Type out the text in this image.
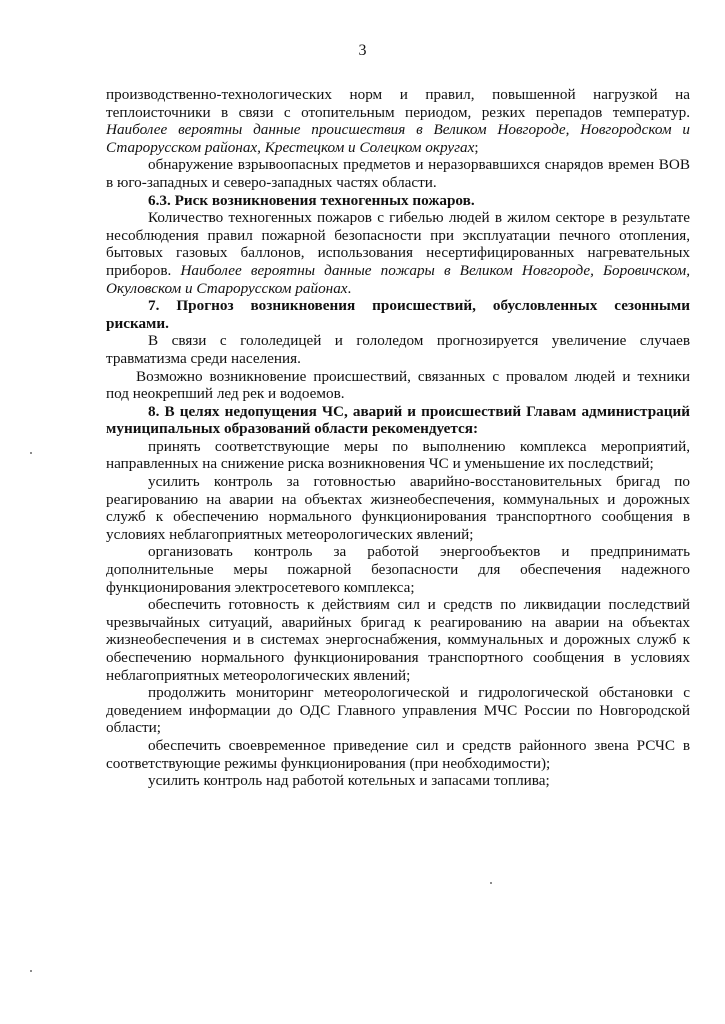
3

производственно-технологических норм и правил, повышенной нагрузкой на теплоисточники в связи с отопительным периодом, резких перепадов температур. Наиболее вероятны данные происшествия в Великом Новгороде, Новгородском и Старорусском районах, Крестецком и Солецком округах;

обнаружение взрывоопасных предметов и неразорвавшихся снарядов времен ВОВ в юго-западных и северо-западных частях области.

6.3. Риск возникновения техногенных пожаров.

Количество техногенных пожаров с гибелью людей в жилом секторе в результате несоблюдения правил пожарной безопасности при эксплуатации печного отопления, бытовых газовых баллонов, использования несертифицированных нагревательных приборов. Наиболее вероятны данные пожары в Великом Новгороде, Боровичском, Окуловском и Старорусском районах.

7. Прогноз возникновения происшествий, обусловленных сезонными рисками.

В связи с гололедицей и гололедом прогнозируется увеличение случаев травматизма среди населения.

Возможно возникновение происшествий, связанных с провалом людей и техники под неокрепший лед рек и водоемов.

8. В целях недопущения ЧС, аварий и происшествий Главам администраций муниципальных образований области рекомендуется:

принять соответствующие меры по выполнению комплекса мероприятий, направленных на снижение риска возникновения ЧС и уменьшение их последствий;

усилить контроль за готовностью аварийно-восстановительных бригад по реагированию на аварии на объектах жизнеобеспечения, коммунальных и дорожных служб к обеспечению нормального функционирования транспортного сообщения в условиях неблагоприятных метеорологических явлений;

организовать контроль за работой энергообъектов и предпринимать дополнительные меры пожарной безопасности для обеспечения надежного функционирования электросетевого комплекса;

обеспечить готовность к действиям сил и средств по ликвидации последствий чрезвычайных ситуаций, аварийных бригад к реагированию на аварии на объектах жизнеобеспечения и в системах энергоснабжения, коммунальных и дорожных служб к обеспечению нормального функционирования транспортного сообщения в условиях неблагоприятных метеорологических явлений;

продолжить мониторинг метеорологической и гидрологической обстановки с доведением информации до ОДС Главного управления МЧС России по Новгородской области;

обеспечить своевременное приведение сил и средств районного звена РСЧС в соответствующие режимы функционирования (при необходимости);

усилить контроль над работой котельных и запасами топлива;
